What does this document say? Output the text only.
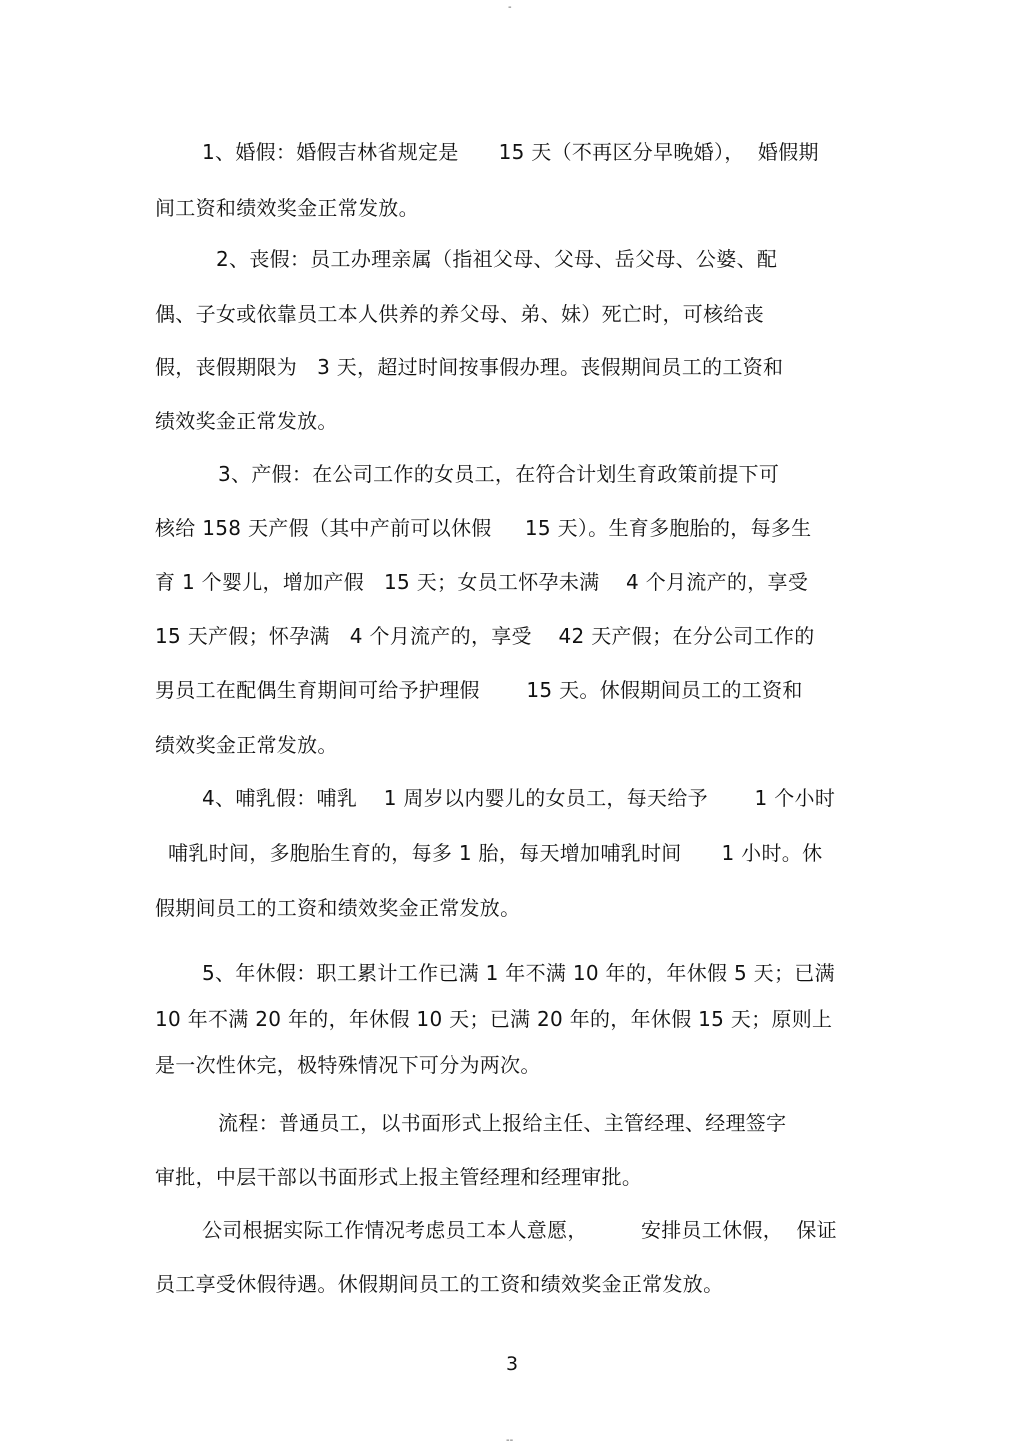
-
1、婚假：婚假吉林省规定是      15 天（不再区分早晚婚），  婚假期
间工资和绩效奖金正常发放。
2、丧假：员工办理亲属（指祖父母、父母、岳父母、公婆、配
偶、子女或依靠员工本人供养的养父母、弟、妹）死亡时，可核给丧
假，丧假期限为   3 天，超过时间按事假办理。丧假期间员工的工资和
绩效奖金正常发放。
3、产假：在公司工作的女员工，在符合计划生育政策前提下可
核给 158 天产假（其中产前可以休假     15 天）。生育多胞胎的，每多生
育 1 个婴儿，增加产假   15 天；女员工怀孕未满    4 个月流产的，享受
15 天产假；怀孕满   4 个月流产的，享受    42 天产假；在分公司工作的
男员工在配偶生育期间可给予护理假       15 天。休假期间员工的工资和
绩效奖金正常发放。
4、哺乳假：哺乳    1 周岁以内婴儿的女员工，每天给予       1 个小时
哺乳时间，多胞胎生育的，每多 1 胎，每天增加哺乳时间      1 小时。休
假期间员工的工资和绩效奖金正常发放。
5、年休假：职工累计工作已满 1 年不满 10 年的，年休假 5 天；已满
10 年不满 20 年的，年休假 10 天；已满 20 年的，年休假 15 天；原则上
是一次性休完，极特殊情况下可分为两次。
流程：普通员工，以书面形式上报给主任、主管经理、经理签字
审批，中层干部以书面形式上报主管经理和经理审批。
公司根据实际工作情况考虑员工本人意愿，        安排员工休假，  保证
员工享受休假待遇。休假期间员工的工资和绩效奖金正常发放。
3
--
